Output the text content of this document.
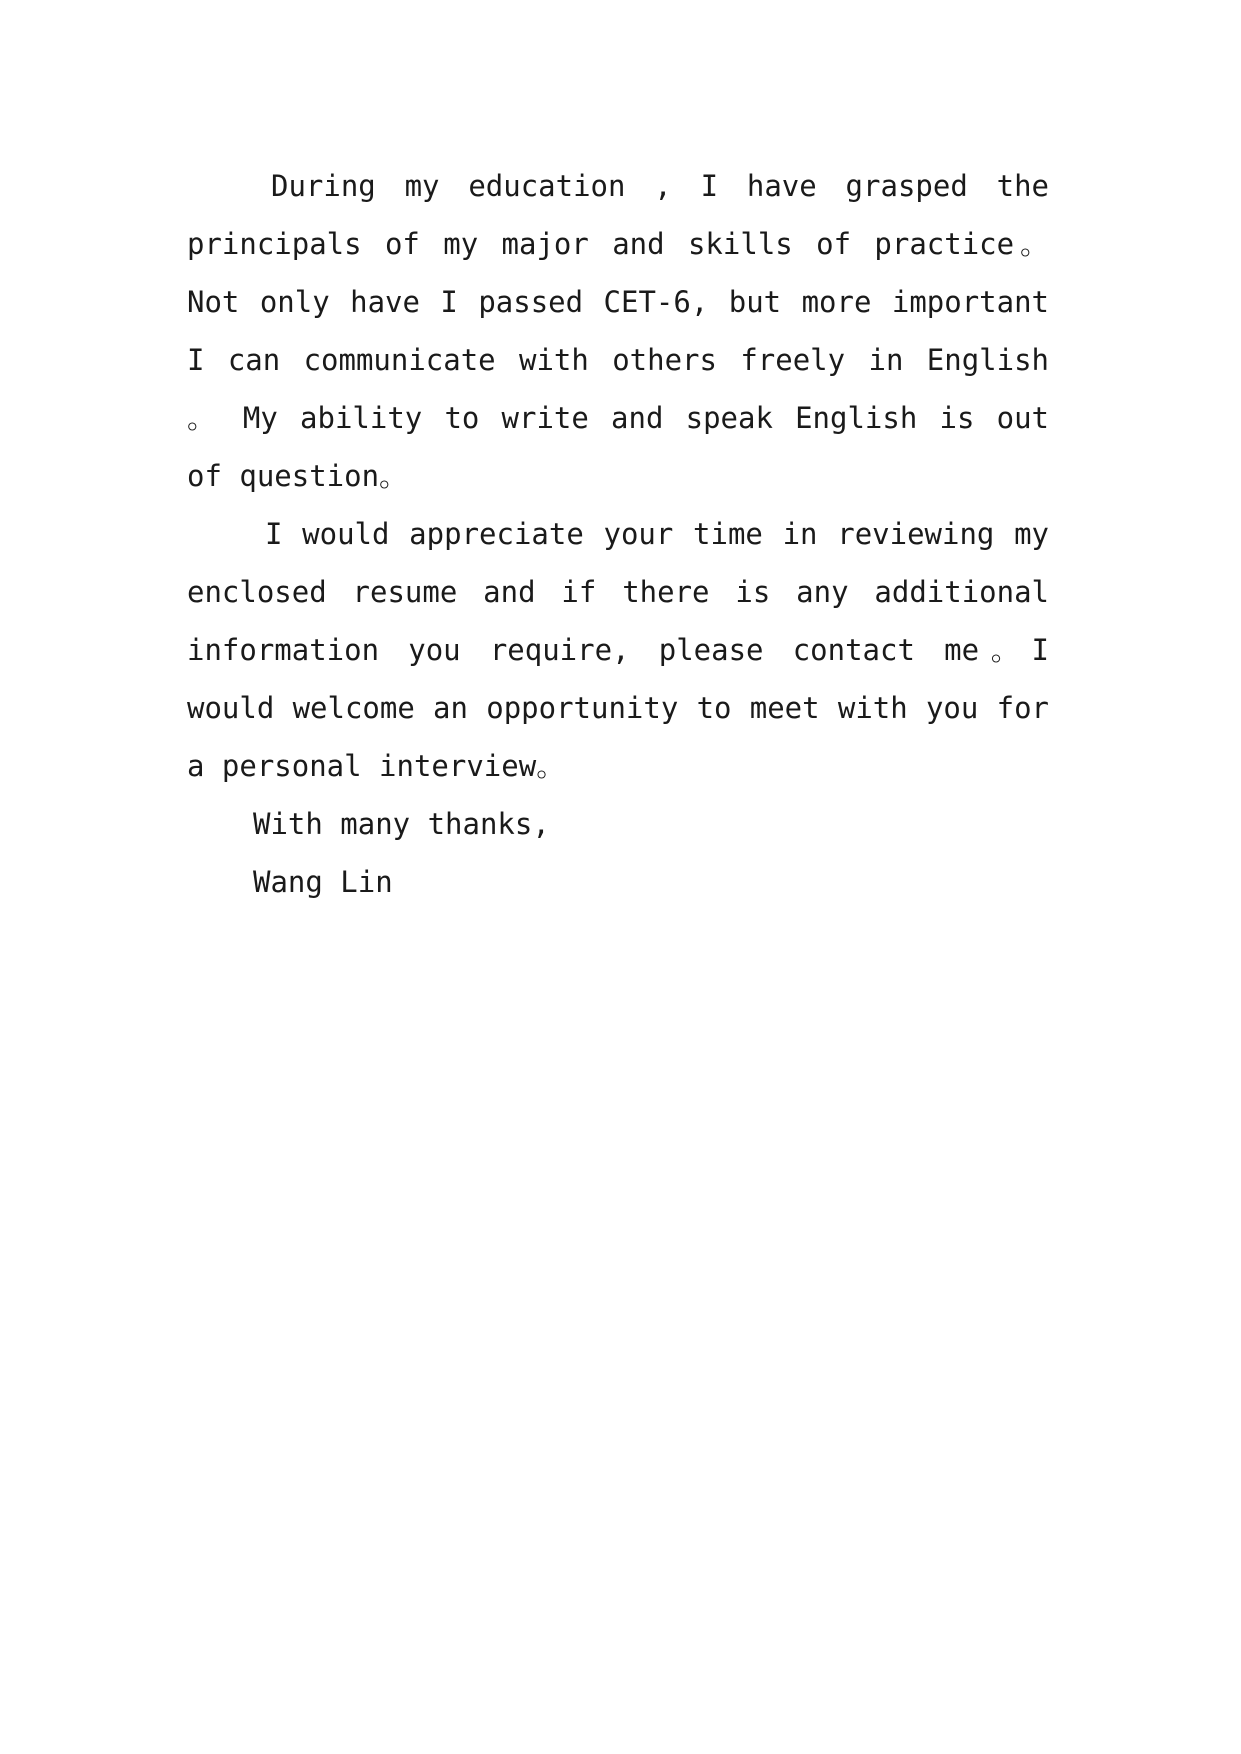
During my education , I have grasped the principals of my major and skills of practice。 Not only have I passed CET-6, but more important I can communicate with others freely in English 。 My ability to write and speak English is out of question。

I would appreciate your time in reviewing my enclosed resume and if there is any additional information you require, please contact me。I would welcome an opportunity to meet with you for a personal interview。

With many thanks,

Wang Lin
